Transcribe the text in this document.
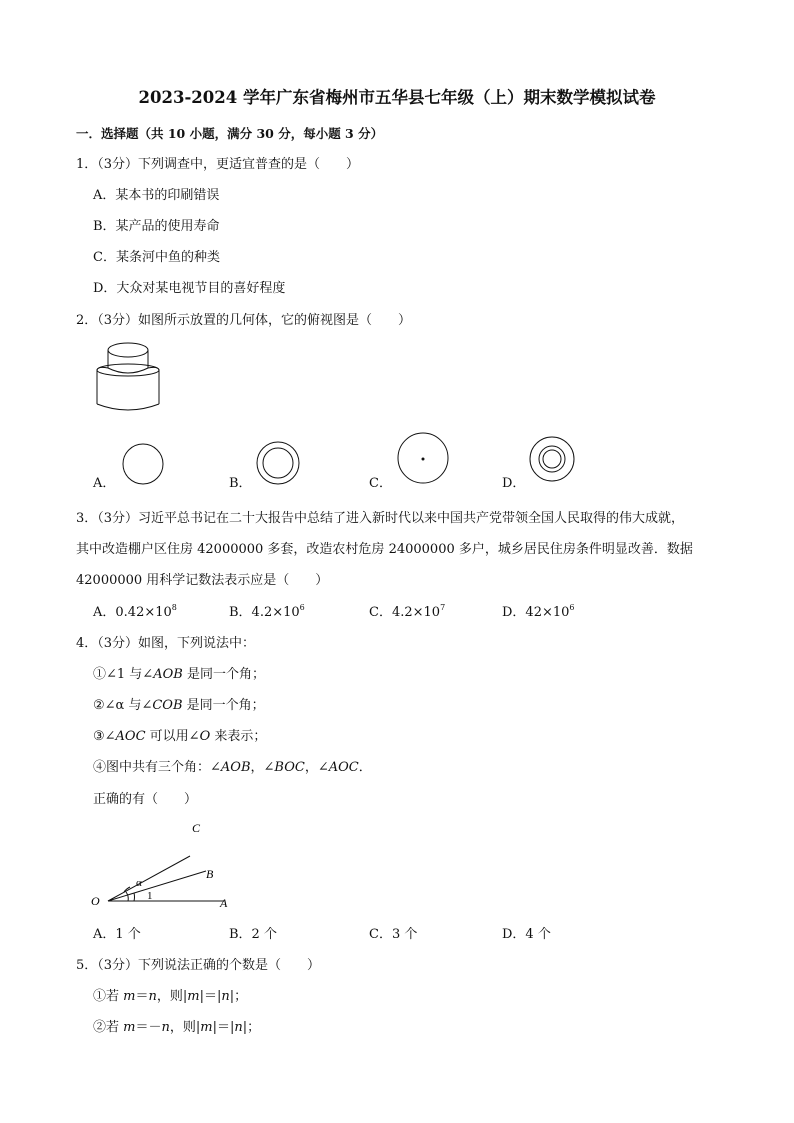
2023-2024 学年广东省梅州市五华县七年级（上）期末数学模拟试卷
一．选择题（共 10 小题，满分 30 分，每小题 3 分）
1．（3分）下列调查中，更适宜普查的是（　　）
A．某本书的印刷错误
B．某产品的使用寿命
C．某条河中鱼的种类
D．大众对某电视节目的喜好程度
2．（3分）如图所示放置的几何体，它的俯视图是（　　）
A．	B．	C．	D．
3．（3分）习近平总书记在二十大报告中总结了进入新时代以来中国共产党带领全国人民取得的伟大成就，
其中改造棚户区住房 42000000 多套，改造农村危房 24000000 多户，城乡居民住房条件明显改善．数据
42000000 用科学记数法表示应是（　　）
A．$0.42\times 10^8$	B．$4.2\times 10^6$	C．$4.2\times 10^7$	D．$42\times 10^6$
4．（3分）如图，下列说法中：
①∠1 与∠AOB 是同一个角；
②∠α 与∠COB 是同一个角；
③∠AOC 可以用∠O 来表示；
④图中共有三个角：∠AOB，∠BOC，∠AOC．
正确的有（　　）
O
C
B
A
α
1
A．1 个	B．2 个	C．3 个	D．4 个
5．（3分）下列说法正确的个数是（　　）
①若 m＝n，则|m|＝|n|；
②若 m＝－n，则|m|＝|n|；
